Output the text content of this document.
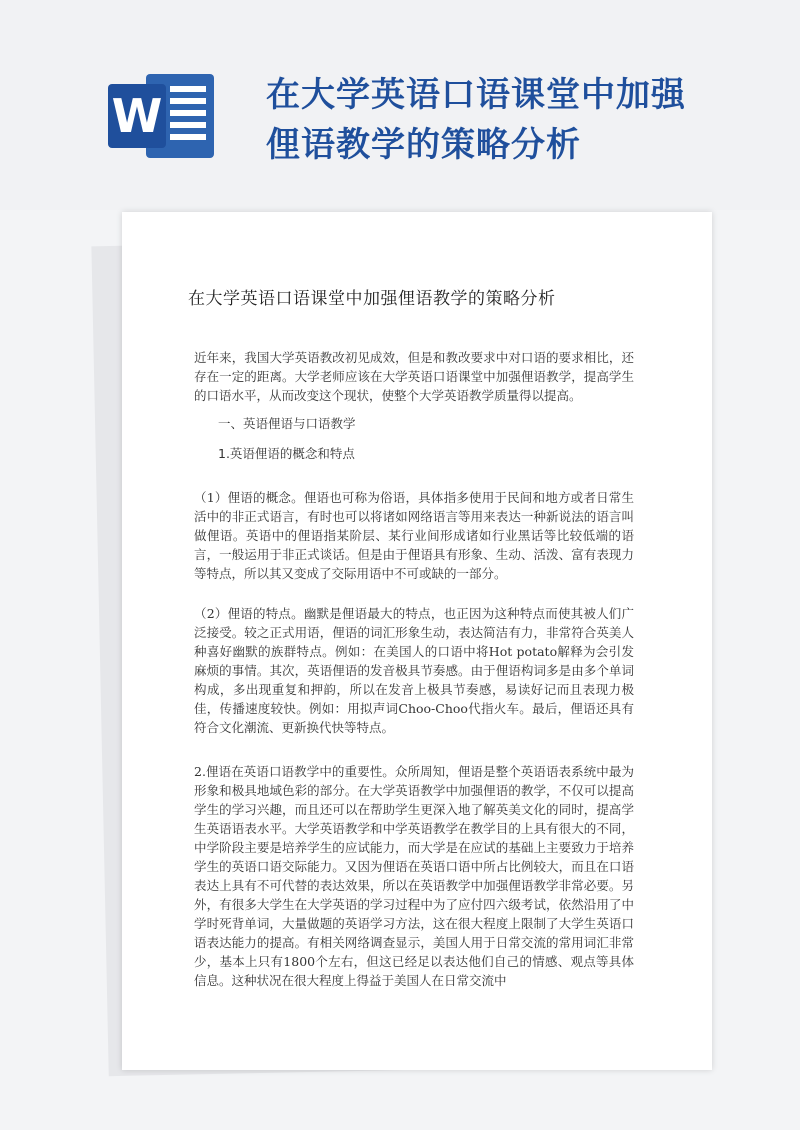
W	在大学英语口语课堂中加强俚语教学的策略分析
在大学英语口语课堂中加强俚语教学的策略分析

近年来，我国大学英语教改初见成效，但是和教改要求中对口语的要求相比，还存在一定的距离。大学老师应该在大学英语口语课堂中加强俚语教学，提高学生的口语水平，从而改变这个现状，使整个大学英语教学质量得以提高。

一、英语俚语与口语教学

1.英语俚语的概念和特点

（1）俚语的概念。俚语也可称为俗语，具体指多使用于民间和地方或者日常生活中的非正式语言，有时也可以将诸如网络语言等用来表达一种新说法的语言叫做俚语。英语中的俚语指某阶层、某行业间形成诸如行业黑话等比较低端的语言，一般运用于非正式谈话。但是由于俚语具有形象、生动、活泼、富有表现力等特点，所以其又变成了交际用语中不可或缺的一部分。

（2）俚语的特点。幽默是俚语最大的特点，也正因为这种特点而使其被人们广泛接受。较之正式用语，俚语的词汇形象生动，表达简洁有力，非常符合英美人种喜好幽默的族群特点。例如：在美国人的口语中将Hot potato解释为会引发麻烦的事情。其次，英语俚语的发音极具节奏感。由于俚语构词多是由多个单词构成，多出现重复和押韵，所以在发音上极具节奏感，易读好记而且表现力极佳，传播速度较快。例如：用拟声词Choo-Choo代指火车。最后，俚语还具有符合文化潮流、更新换代快等特点。

2.俚语在英语口语教学中的重要性。众所周知，俚语是整个英语语表系统中最为形象和极具地域色彩的部分。在大学英语教学中加强俚语的教学，不仅可以提高学生的学习兴趣，而且还可以在帮助学生更深入地了解英美文化的同时，提高学生英语语表水平。大学英语教学和中学英语教学在教学目的上具有很大的不同，中学阶段主要是培养学生的应试能力，而大学是在应试的基础上主要致力于培养学生的英语口语交际能力。又因为俚语在英语口语中所占比例较大，而且在口语表达上具有不可代替的表达效果，所以在英语教学中加强俚语教学非常必要。另外，有很多大学生在大学英语的学习过程中为了应付四六级考试，依然沿用了中学时死背单词，大量做题的英语学习方法，这在很大程度上限制了大学生英语口语表达能力的提高。有相关网络调查显示，美国人用于日常交流的常用词汇非常少，基本上只有1800个左右，但这已经足以表达他们自己的情感、观点等具体信息。这种状况在很大程度上得益于美国人在日常交流中
